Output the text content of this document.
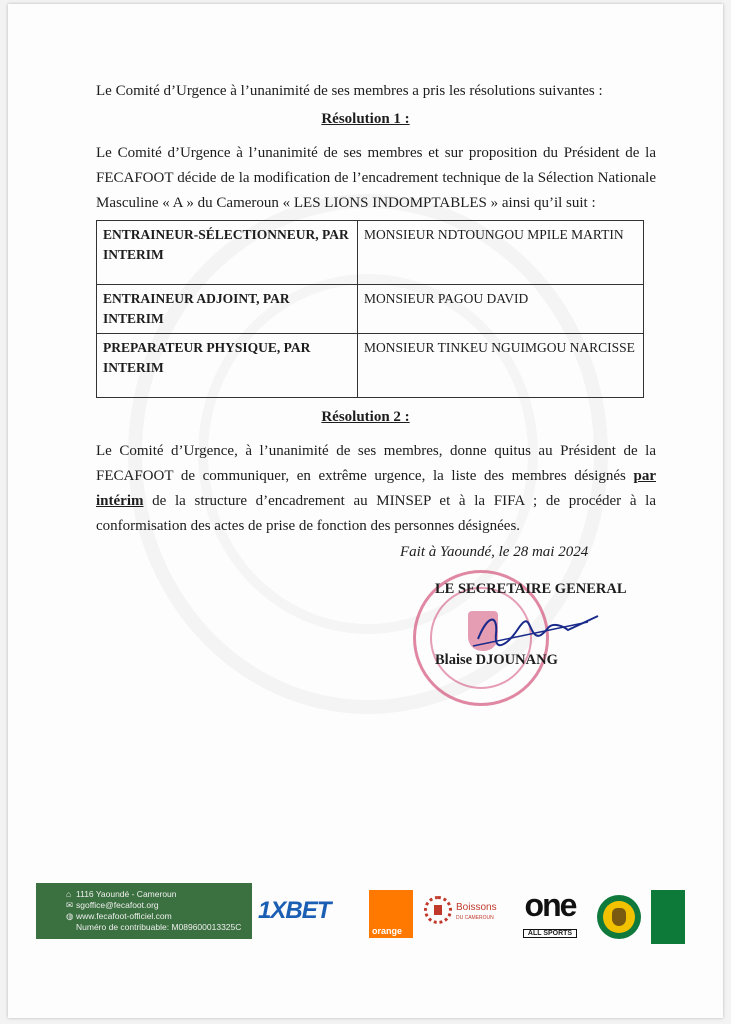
Le Comité d’Urgence à l’unanimité de ses membres a pris les résolutions suivantes :
Résolution 1 :
Le Comité d’Urgence à l’unanimité de ses membres et sur proposition du Président de la FECAFOOT décide de la modification de l’encadrement technique de la Sélection Nationale Masculine « A » du Cameroun « LES LIONS INDOMPTABLES » ainsi qu’il suit :
ENTRAINEUR-SÉLECTIONNEUR, PAR INTERIM	MONSIEUR NDTOUNGOU MPILE MARTIN
ENTRAINEUR ADJOINT, PAR INTERIM	MONSIEUR PAGOU DAVID
PREPARATEUR PHYSIQUE, PAR INTERIM	MONSIEUR TINKEU NGUIMGOU NARCISSE
Résolution 2 :
Le Comité d’Urgence, à l’unanimité de ses membres, donne quitus au Président de la FECAFOOT de communiquer, en extrême urgence, la liste des membres désignés par intérim de la structure d’encadrement au MINSEP et à la FIFA ; de procéder à la conformisation des actes de prise de fonction des personnes désignées.
Fait à Yaoundé, le 28 mai 2024
LE SECRETAIRE GENERAL
Blaise DJOUNANG
⌂ 1116 Yaoundé - Cameroun
✉ sgoffice@fecafoot.org
◍ www.fecafoot-officiel.com
Numéro de contribuable: M089600013325C
1XBET
orange
Boissons
DU CAMEROUN one
ALL SPORTS
